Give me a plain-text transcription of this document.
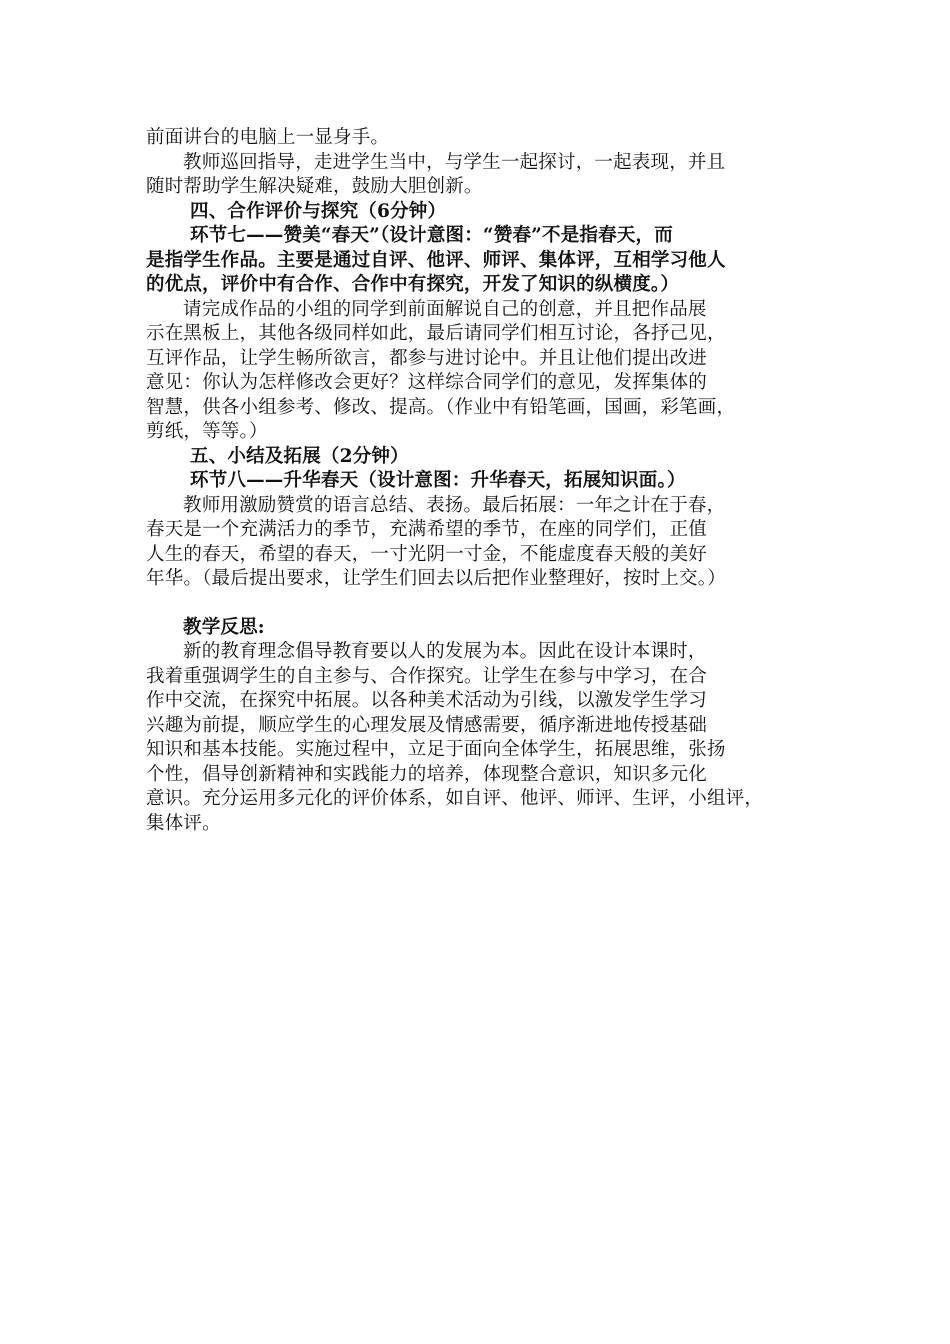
前面讲台的电脑上一显身手。
教师巡回指导，走进学生当中，与学生一起探讨，一起表现，并且
随时帮助学生解决疑难，鼓励大胆创新。
四、合作评价与探究（6分钟）
环节七——赞美“春天”（设计意图：“赞春”不是指春天，而
是指学生作品。主要是通过自评、他评、师评、集体评，互相学习他人
的优点，评价中有合作、合作中有探究，开发了知识的纵横度。）
请完成作品的小组的同学到前面解说自己的创意，并且把作品展
示在黑板上，其他各级同样如此，最后请同学们相互讨论，各抒己见，
互评作品，让学生畅所欲言，都参与进讨论中。并且让他们提出改进
意见：你认为怎样修改会更好？这样综合同学们的意见，发挥集体的
智慧，供各小组参考、修改、提高。（作业中有铅笔画，国画，彩笔画，
剪纸，等等。）
五、小结及拓展（2分钟）
环节八——升华春天（设计意图：升华春天，拓展知识面。）
教师用激励赞赏的语言总结、表扬。最后拓展：一年之计在于春，
春天是一个充满活力的季节，充满希望的季节，在座的同学们，正值
人生的春天，希望的春天，一寸光阴一寸金，不能虚度春天般的美好
年华。（最后提出要求，让学生们回去以后把作业整理好，按时上交。）
教学反思:
新的教育理念倡导教育要以人的发展为本。因此在设计本课时，
我着重强调学生的自主参与、合作探究。让学生在参与中学习，在合
作中交流，在探究中拓展。以各种美术活动为引线，以激发学生学习
兴趣为前提，顺应学生的心理发展及情感需要，循序渐进地传授基础
知识和基本技能。实施过程中，立足于面向全体学生，拓展思维，张扬
个性，倡导创新精神和实践能力的培养，体现整合意识，知识多元化
意识。充分运用多元化的评价体系，如自评、他评、师评、生评，小组评，
集体评。
